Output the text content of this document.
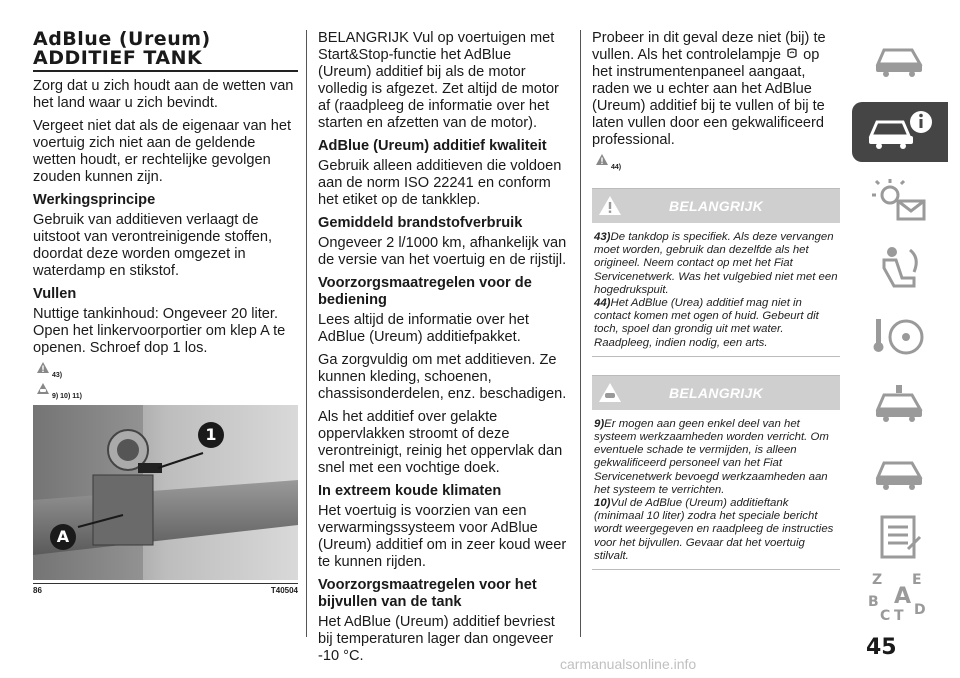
AdBlue (Ureum)
ADDITIEF TANK

Zorg dat u zich houdt aan de wetten van het land waar u zich bevindt.

Vergeet niet dat als de eigenaar van het voertuig zich niet aan de geldende wetten houdt, er rechtelijke gevolgen zouden kunnen zijn.

Werkingsprincipe

Gebruik van additieven verlaagt de uitstoot van verontreinigende stoffen, doordat deze worden omgezet in waterdamp en stikstof.

Vullen

Nuttige tankinhoud: Ongeveer 20 liter. Open het linkervoorportier om klep A te openen. Schroef dop 1 los.

43)
9) 10) 11)
1
A
86	T40504

BELANGRIJK Vul op voertuigen met Start&Stop-functie het AdBlue (Ureum) additief bij als de motor volledig is afgezet. Zet altijd de motor af (raadpleeg de informatie over het starten en afzetten van de motor).

AdBlue (Ureum) additief kwaliteit

Gebruik alleen additieven die voldoen aan de norm ISO 22241 en conform het etiket op de tankklep.

Gemiddeld brandstofverbruik

Ongeveer 2 l/1000 km, afhankelijk van de versie van het voertuig en de rijstijl.

Voorzorgsmaatregelen voor de bediening

Lees altijd de informatie over het AdBlue (Ureum) additiefpakket.

Ga zorgvuldig om met additieven. Ze kunnen kleding, schoenen, chassisonderdelen, enz. beschadigen.

Als het additief over gelakte oppervlakken stroomt of deze verontreinigt, reinig het oppervlak dan snel met een vochtige doek.

In extreem koude klimaten

Het voertuig is voorzien van een verwarmingssysteem voor AdBlue (Ureum) additief om in zeer koud weer te kunnen rijden.

Voorzorgsmaatregelen voor het bijvullen van de tank

Het AdBlue (Ureum) additief bevriest bij temperaturen lager dan ongeveer -10 °C.

Probeer in dit geval deze niet (bij) te vullen. Als het controlelampje op het instrumentenpaneel aangaat, raden we u echter aan het AdBlue (Ureum) additief bij te vullen of bij te laten vullen door een gekwalificeerd professional.

44)
BELANGRIJK
43)De tankdop is specifiek. Als deze vervangen moet worden, gebruik dan dezelfde als het origineel. Neem contact op met het Fiat Servicenetwerk. Was het vulgebied niet met een hogedrukspuit.
44)Het AdBlue (Urea) additief mag niet in contact komen met ogen of huid. Gebeurt dit toch, spoel dan grondig uit met water. Raadpleeg, indien nodig, een arts.
BELANGRIJK
9)Er mogen aan geen enkel deel van het systeem werkzaamheden worden verricht. Om eventuele schade te vermijden, is alleen gekwalificeerd personeel van het Fiat Servicenetwerk bevoegd werkzaamheden aan het systeem te verrichten.
10)Vul de AdBlue (Ureum) additieftank (minimaal 10 liter) zodra het speciale bericht wordt weergegeven en raadpleeg de instructies voor het bijvullen. Gevaar dat het voertuig stilvalt.
Z E
A
B
C T D
45
carmanualsonline.info
